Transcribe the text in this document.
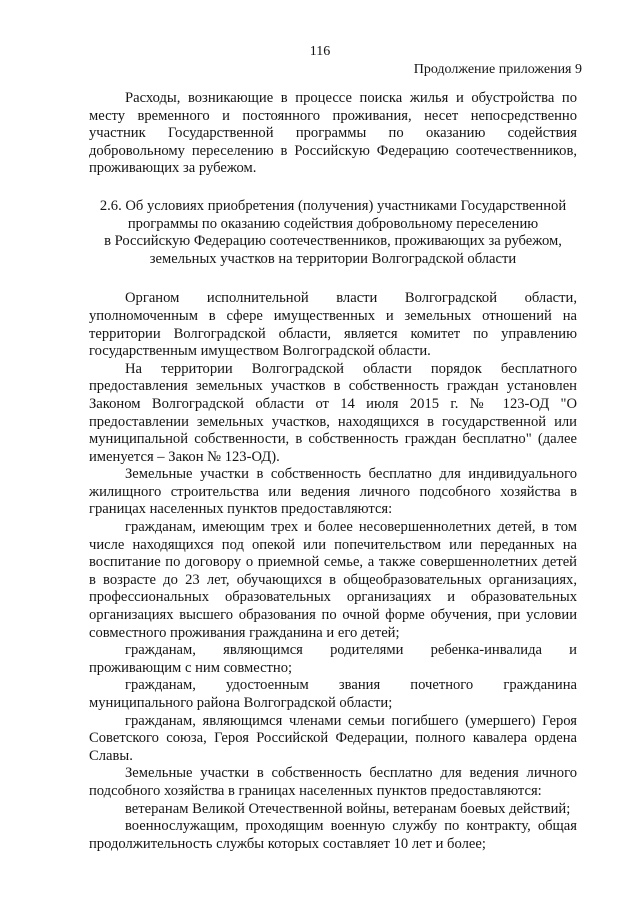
116
Продолжение приложения 9

Расходы, возникающие в процессе поиска жилья и обустройства по месту временного и постоянного проживания, несет непосредственно участник Государственной программы по оказанию содействия добровольному переселению в Российскую Федерацию соотечественников, проживающих за рубежом.

2.6. Об условиях приобретения (получения) участниками Государственной
программы по оказанию содействия добровольному переселению
в Российскую Федерацию соотечественников, проживающих за рубежом,
земельных участков на территории Волгоградской области

Органом исполнительной власти Волгоградской области, уполномоченным в сфере имущественных и земельных отношений на территории Волгоградской области, является комитет по управлению государственным имуществом Волгоградской области.

На территории Волгоградской области порядок бесплатного предоставления земельных участков в собственность граждан установлен Законом Волгоградской области от 14 июля 2015 г. № 123-ОД "О предоставлении земельных участков, находящихся в государственной или муниципальной собственности, в собственность граждан бесплатно" (далее именуется – Закон № 123-ОД).

Земельные участки в собственность бесплатно для индивидуального жилищного строительства или ведения личного подсобного хозяйства в границах населенных пунктов предоставляются:

гражданам, имеющим трех и более несовершеннолетних детей, в том числе находящихся под опекой или попечительством или переданных на воспитание по договору о приемной семье, а также совершеннолетних детей в возрасте до 23 лет, обучающихся в общеобразовательных организациях, профессиональных образовательных организациях и образовательных организациях высшего образования по очной форме обучения, при условии совместного проживания гражданина и его детей;

гражданам, являющимся родителями ребенка-инвалида и проживающим с ним совместно;

гражданам, удостоенным звания почетного гражданина муниципального района Волгоградской области;

гражданам, являющимся членами семьи погибшего (умершего) Героя Советского союза, Героя Российской Федерации, полного кавалера ордена Славы.

Земельные участки в собственность бесплатно для ведения личного подсобного хозяйства в границах населенных пунктов предоставляются:

ветеранам Великой Отечественной войны, ветеранам боевых действий;

военнослужащим, проходящим военную службу по контракту, общая продолжительность службы которых составляет 10 лет и более;
